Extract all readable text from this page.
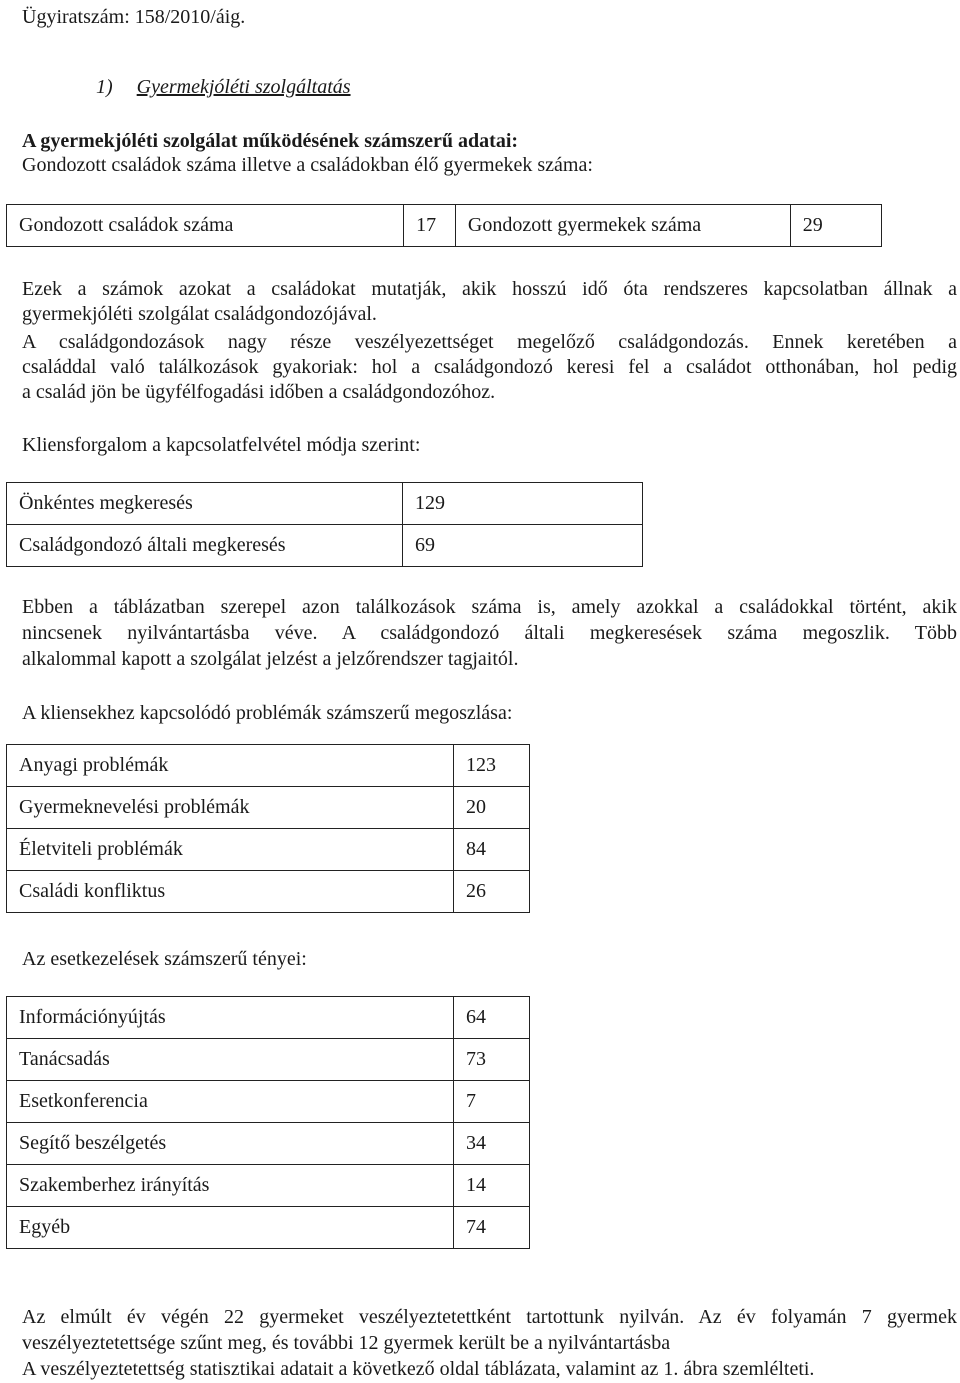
Ügyiratszám: 158/2010/áig.
1) Gyermekjóléti szolgáltatás
A gyermekjóléti szolgálat működésének számszerű adatai:
Gondozott családok száma illetve a családokban élő gyermekek száma:
Gondozott családok száma	17	Gondozott gyermekek száma	29
Ezek a számok azokat a családokat mutatják, akik hosszú idő óta rendszeres kapcsolatban állnak a
gyermekjóléti szolgálat családgondozójával.
A családgondozások nagy része veszélyezettséget megelőző családgondozás. Ennek keretében a
családdal való találkozások gyakoriak: hol a családgondozó keresi fel a családot otthonában, hol pedig
a család jön be ügyfélfogadási időben a családgondozóhoz.
Kliensforgalom a kapcsolatfelvétel módja szerint:
Önkéntes megkeresés	129
Családgondozó általi megkeresés	69
Ebben a táblázatban szerepel azon találkozások száma is, amely azokkal a családokkal történt, akik
nincsenek nyilvántartásba véve. A családgondozó általi megkeresések száma megoszlik. Több
alkalommal kapott a szolgálat jelzést a jelzőrendszer tagjaitól.
A kliensekhez kapcsolódó problémák számszerű megoszlása:
Anyagi problémák	123
Gyermeknevelési problémák	20
Életviteli problémák	84
Családi konfliktus	26
Az esetkezelések számszerű tényei:
Információnyújtás	64
Tanácsadás	73
Esetkonferencia	7
Segítő beszélgetés	34
Szakemberhez irányítás	14
Egyéb	74
Az elmúlt év végén 22 gyermeket veszélyeztetettként tartottunk nyilván. Az év folyamán 7 gyermek
veszélyeztetettsége szűnt meg, és további 12 gyermek került be a nyilvántartásba
A veszélyeztetettség statisztikai adatait a következő oldal táblázata, valamint az 1. ábra szemlélteti.
